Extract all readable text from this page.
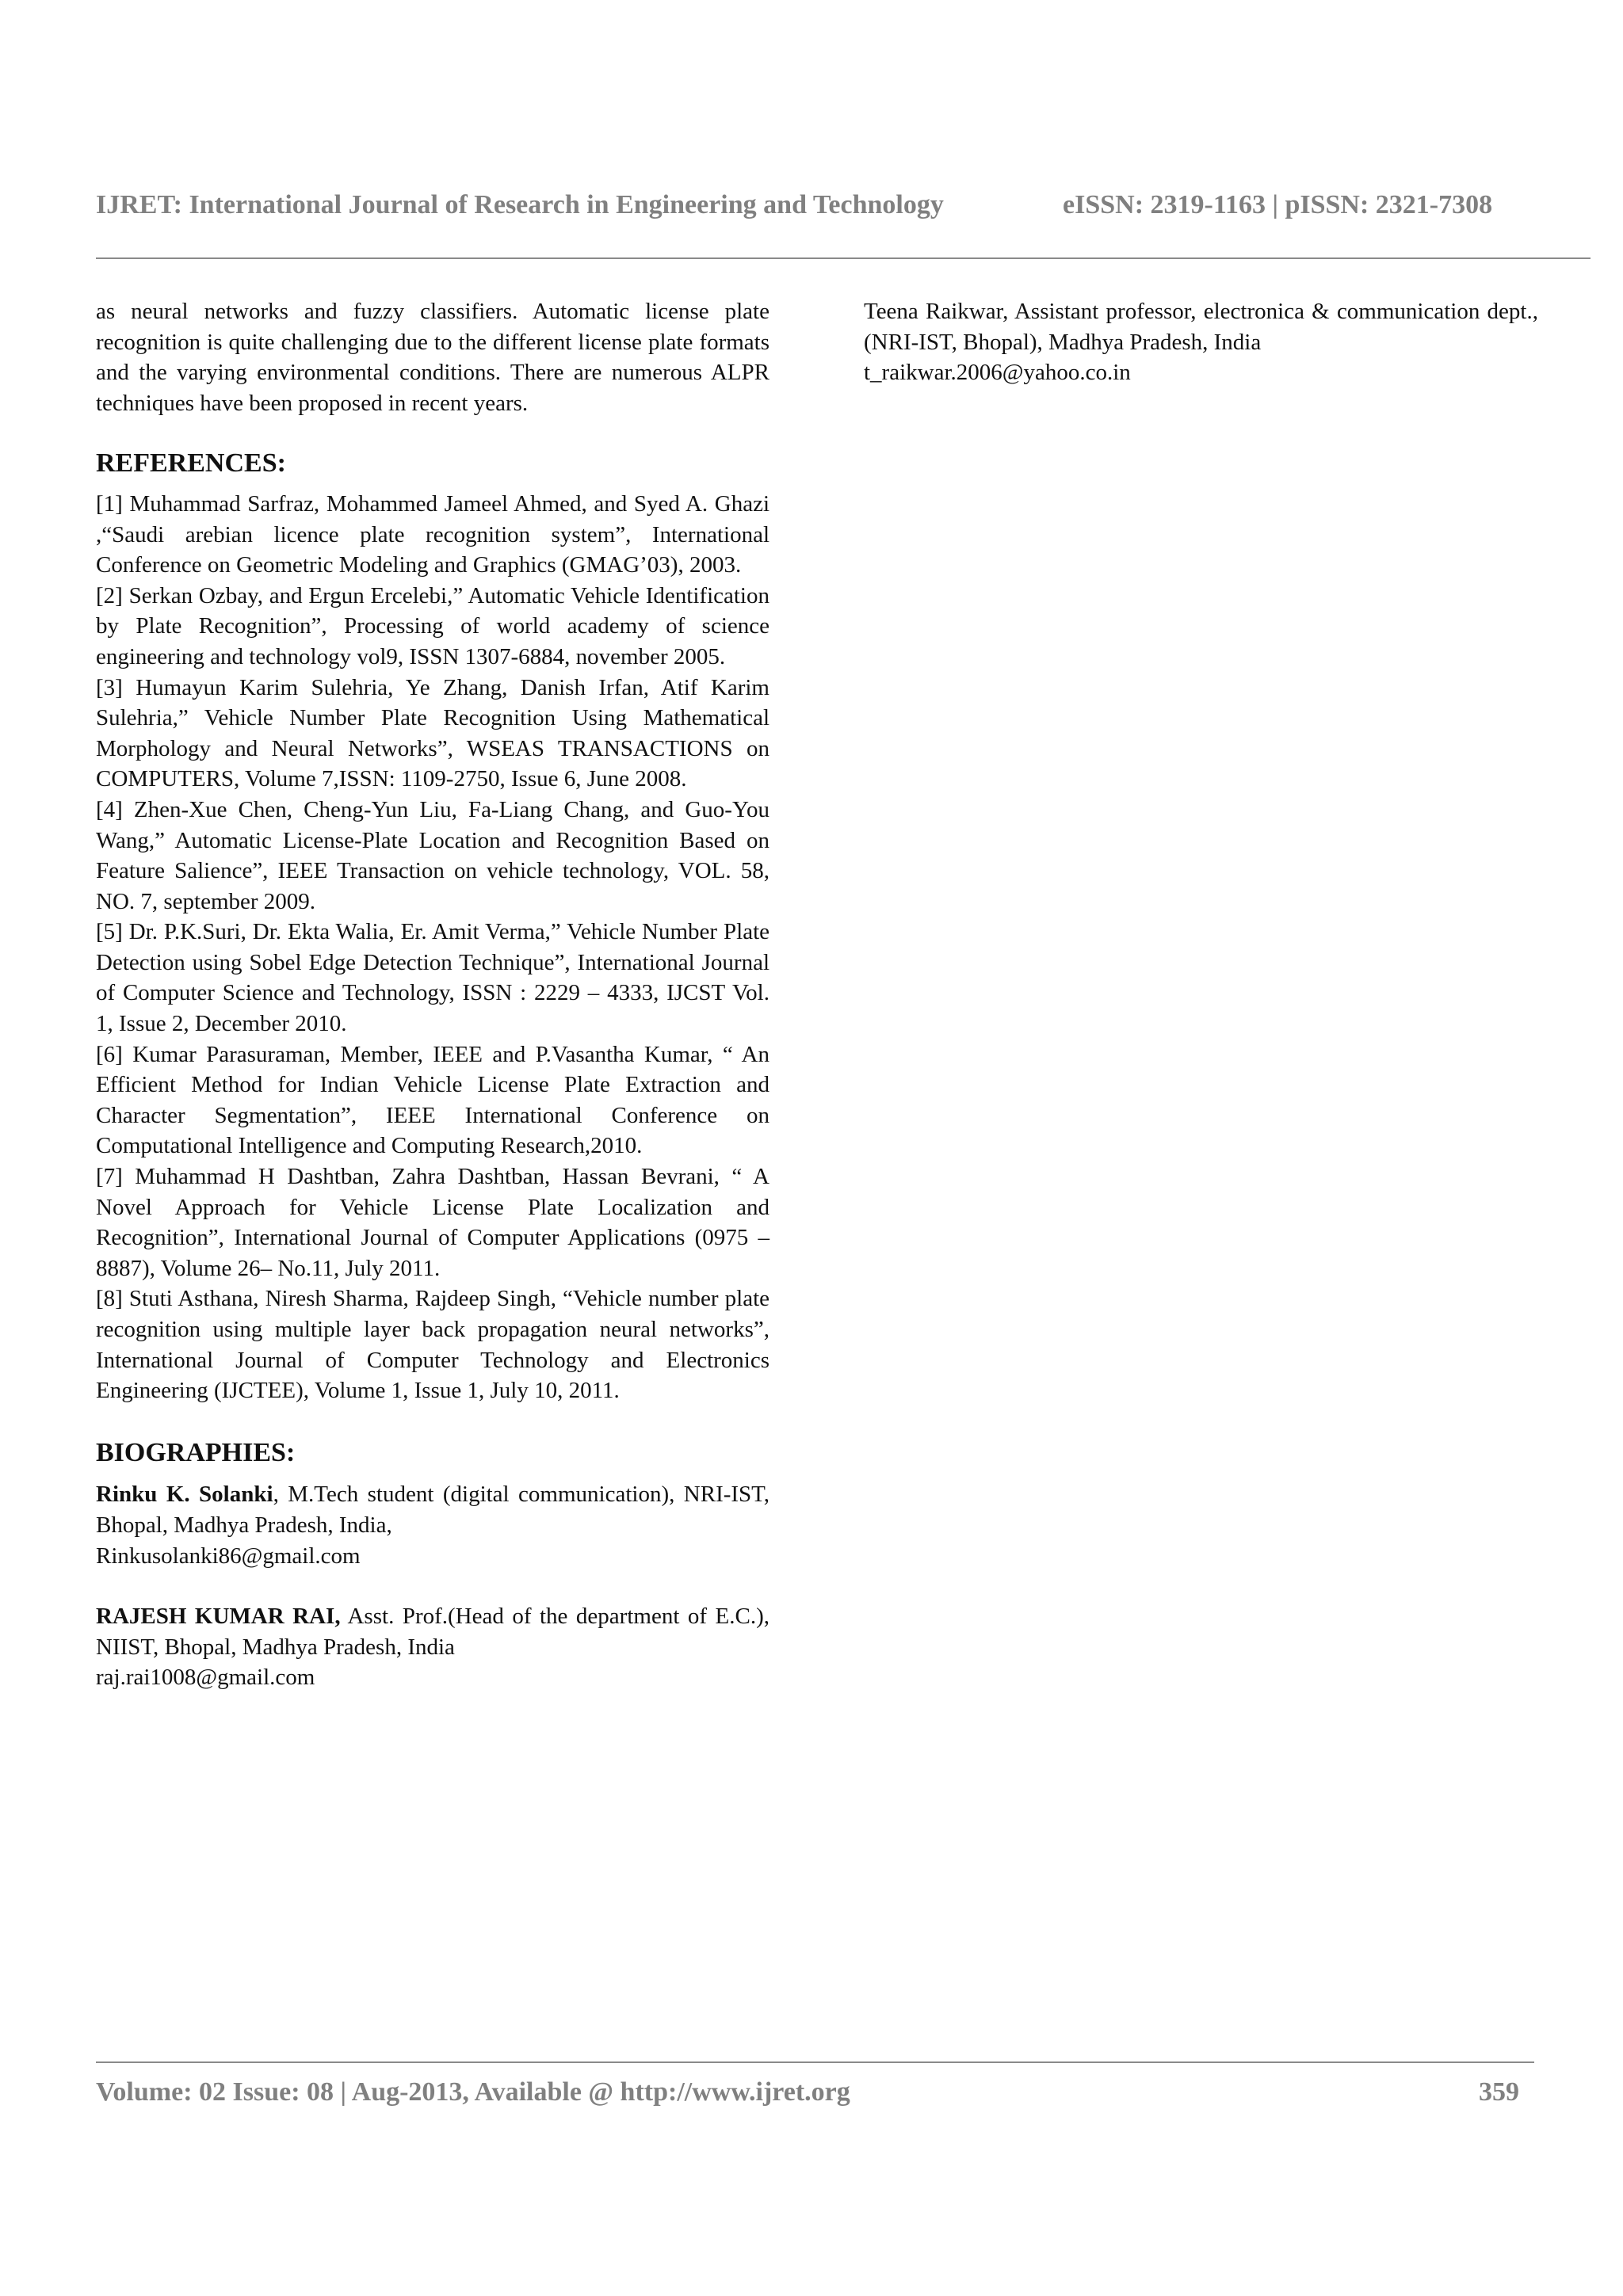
IJRET: International Journal of Research in Engineering and Technology	eISSN: 2319-1163 | pISSN: 2321-7308

as neural networks and fuzzy classifiers. Automatic license plate recognition is quite challenging due to the different license plate formats and the varying environmental conditions. There are numerous ALPR techniques have been proposed in recent years.

REFERENCES:

[1] Muhammad Sarfraz, Mohammed Jameel Ahmed, and Syed A. Ghazi ,“Saudi arebian licence plate recognition system”, International Conference on Geometric Modeling and Graphics (GMAG’03), 2003.

[2] Serkan Ozbay, and Ergun Ercelebi,” Automatic Vehicle Identification by Plate Recognition”, Processing of world academy of science engineering and technology vol9, ISSN 1307-6884, november 2005.

[3] Humayun Karim Sulehria, Ye Zhang, Danish Irfan, Atif Karim Sulehria,” Vehicle Number Plate Recognition Using Mathematical Morphology and Neural Networks”, WSEAS TRANSACTIONS on COMPUTERS, Volume 7,ISSN: 1109-2750, Issue 6, June 2008.

[4] Zhen-Xue Chen, Cheng-Yun Liu, Fa-Liang Chang, and Guo-You Wang,” Automatic License-Plate Location and Recognition Based on Feature Salience”, IEEE Transaction on vehicle technology, VOL. 58, NO. 7, september 2009.

[5] Dr. P.K.Suri, Dr. Ekta Walia, Er. Amit Verma,” Vehicle Number Plate Detection using Sobel Edge Detection Technique”, International Journal of Computer Science and Technology, ISSN : 2229 – 4333, IJCST Vol. 1, Issue 2, December 2010.

[6] Kumar Parasuraman, Member, IEEE and P.Vasantha Kumar, “ An Efficient Method for Indian Vehicle License Plate Extraction and Character Segmentation”, IEEE International Conference on Computational Intelligence and Computing Research,2010.

[7] Muhammad H Dashtban, Zahra Dashtban, Hassan Bevrani, “ A Novel Approach for Vehicle License Plate Localization and Recognition”, International Journal of Computer Applications (0975 – 8887), Volume 26– No.11, July 2011.

[8] Stuti Asthana, Niresh Sharma, Rajdeep Singh, “Vehicle number plate recognition using multiple layer back propagation neural networks”, International Journal of Computer Technology and Electronics Engineering (IJCTEE), Volume 1, Issue 1, July 10, 2011.

BIOGRAPHIES:

Rinku K. Solanki, M.Tech student (digital communication), NRI-IST, Bhopal, Madhya Pradesh, India,
Rinkusolanki86@gmail.com

RAJESH KUMAR RAI, Asst. Prof.(Head of the department of E.C.), NIIST, Bhopal, Madhya Pradesh, India
raj.rai1008@gmail.com

Teena Raikwar, Assistant professor, electronica & communication dept., (NRI-IST, Bhopal), Madhya Pradesh, India
t_raikwar.2006@yahoo.co.in

Volume: 02 Issue: 08 | Aug-2013, Available @ http://www.ijret.org	359
